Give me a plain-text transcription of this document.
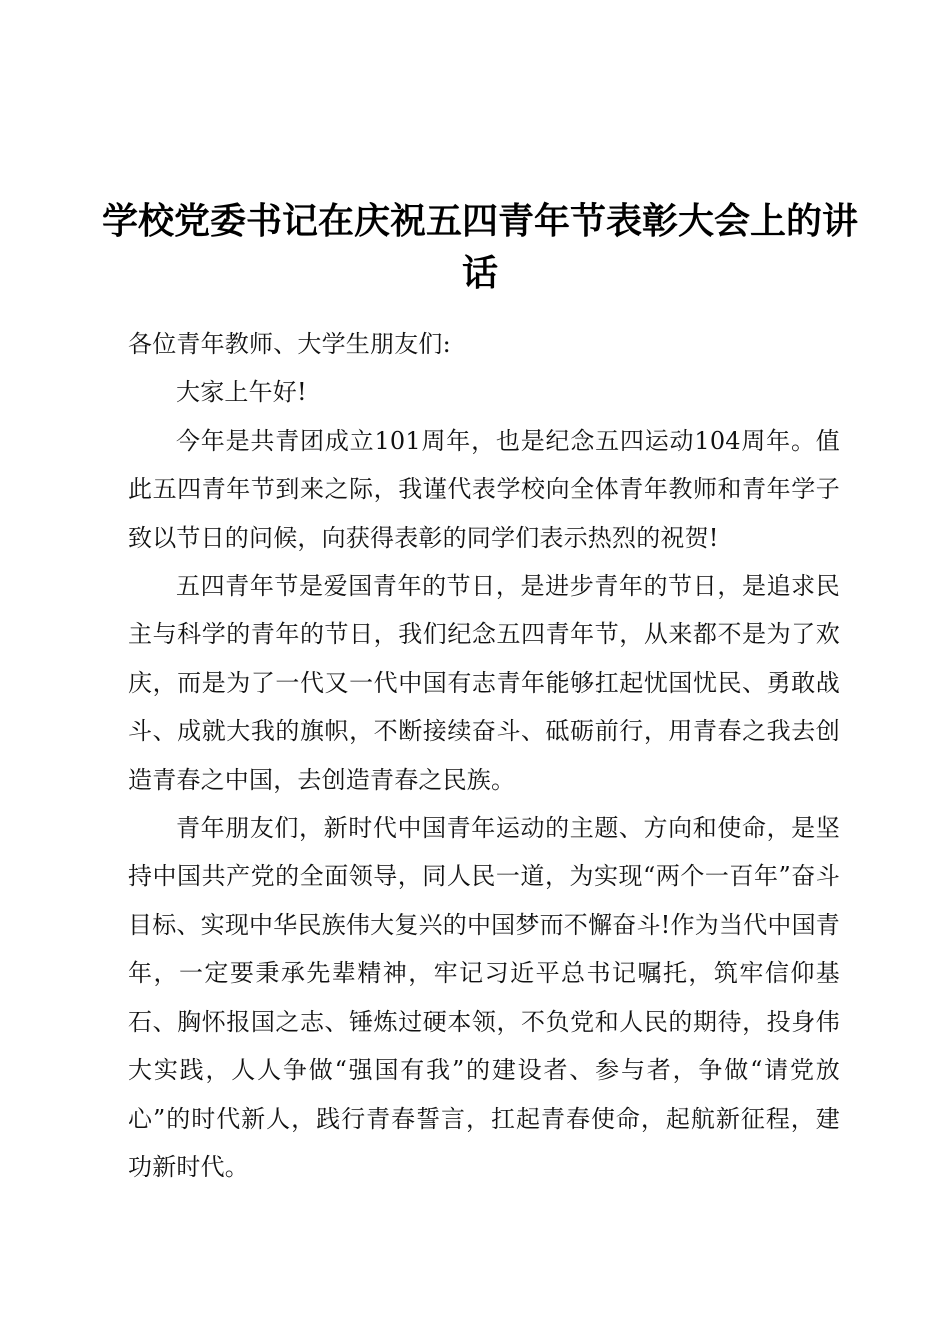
学校党委书记在庆祝五四青年节表彰大会上的讲话

各位青年教师、大学生朋友们:

大家上午好!

今年是共青团成立101周年，也是纪念五四运动104周年。值此五四青年节到来之际，我谨代表学校向全体青年教师和青年学子致以节日的问候，向获得表彰的同学们表示热烈的祝贺!

五四青年节是爱国青年的节日，是进步青年的节日，是追求民主与科学的青年的节日，我们纪念五四青年节，从来都不是为了欢庆，而是为了一代又一代中国有志青年能够扛起忧国忧民、勇敢战斗、成就大我的旗帜，不断接续奋斗、砥砺前行，用青春之我去创造青春之中国，去创造青春之民族。

青年朋友们，新时代中国青年运动的主题、方向和使命，是坚持中国共产党的全面领导，同人民一道，为实现“两个一百年”奋斗目标、实现中华民族伟大复兴的中国梦而不懈奋斗!作为当代中国青年，一定要秉承先辈精神，牢记习近平总书记嘱托，筑牢信仰基石、胸怀报国之志、锤炼过硬本领，不负党和人民的期待，投身伟大实践，人人争做“强国有我”的建设者、参与者，争做“请党放心”的时代新人，践行青春誓言，扛起青春使命，起航新征程，建功新时代。
